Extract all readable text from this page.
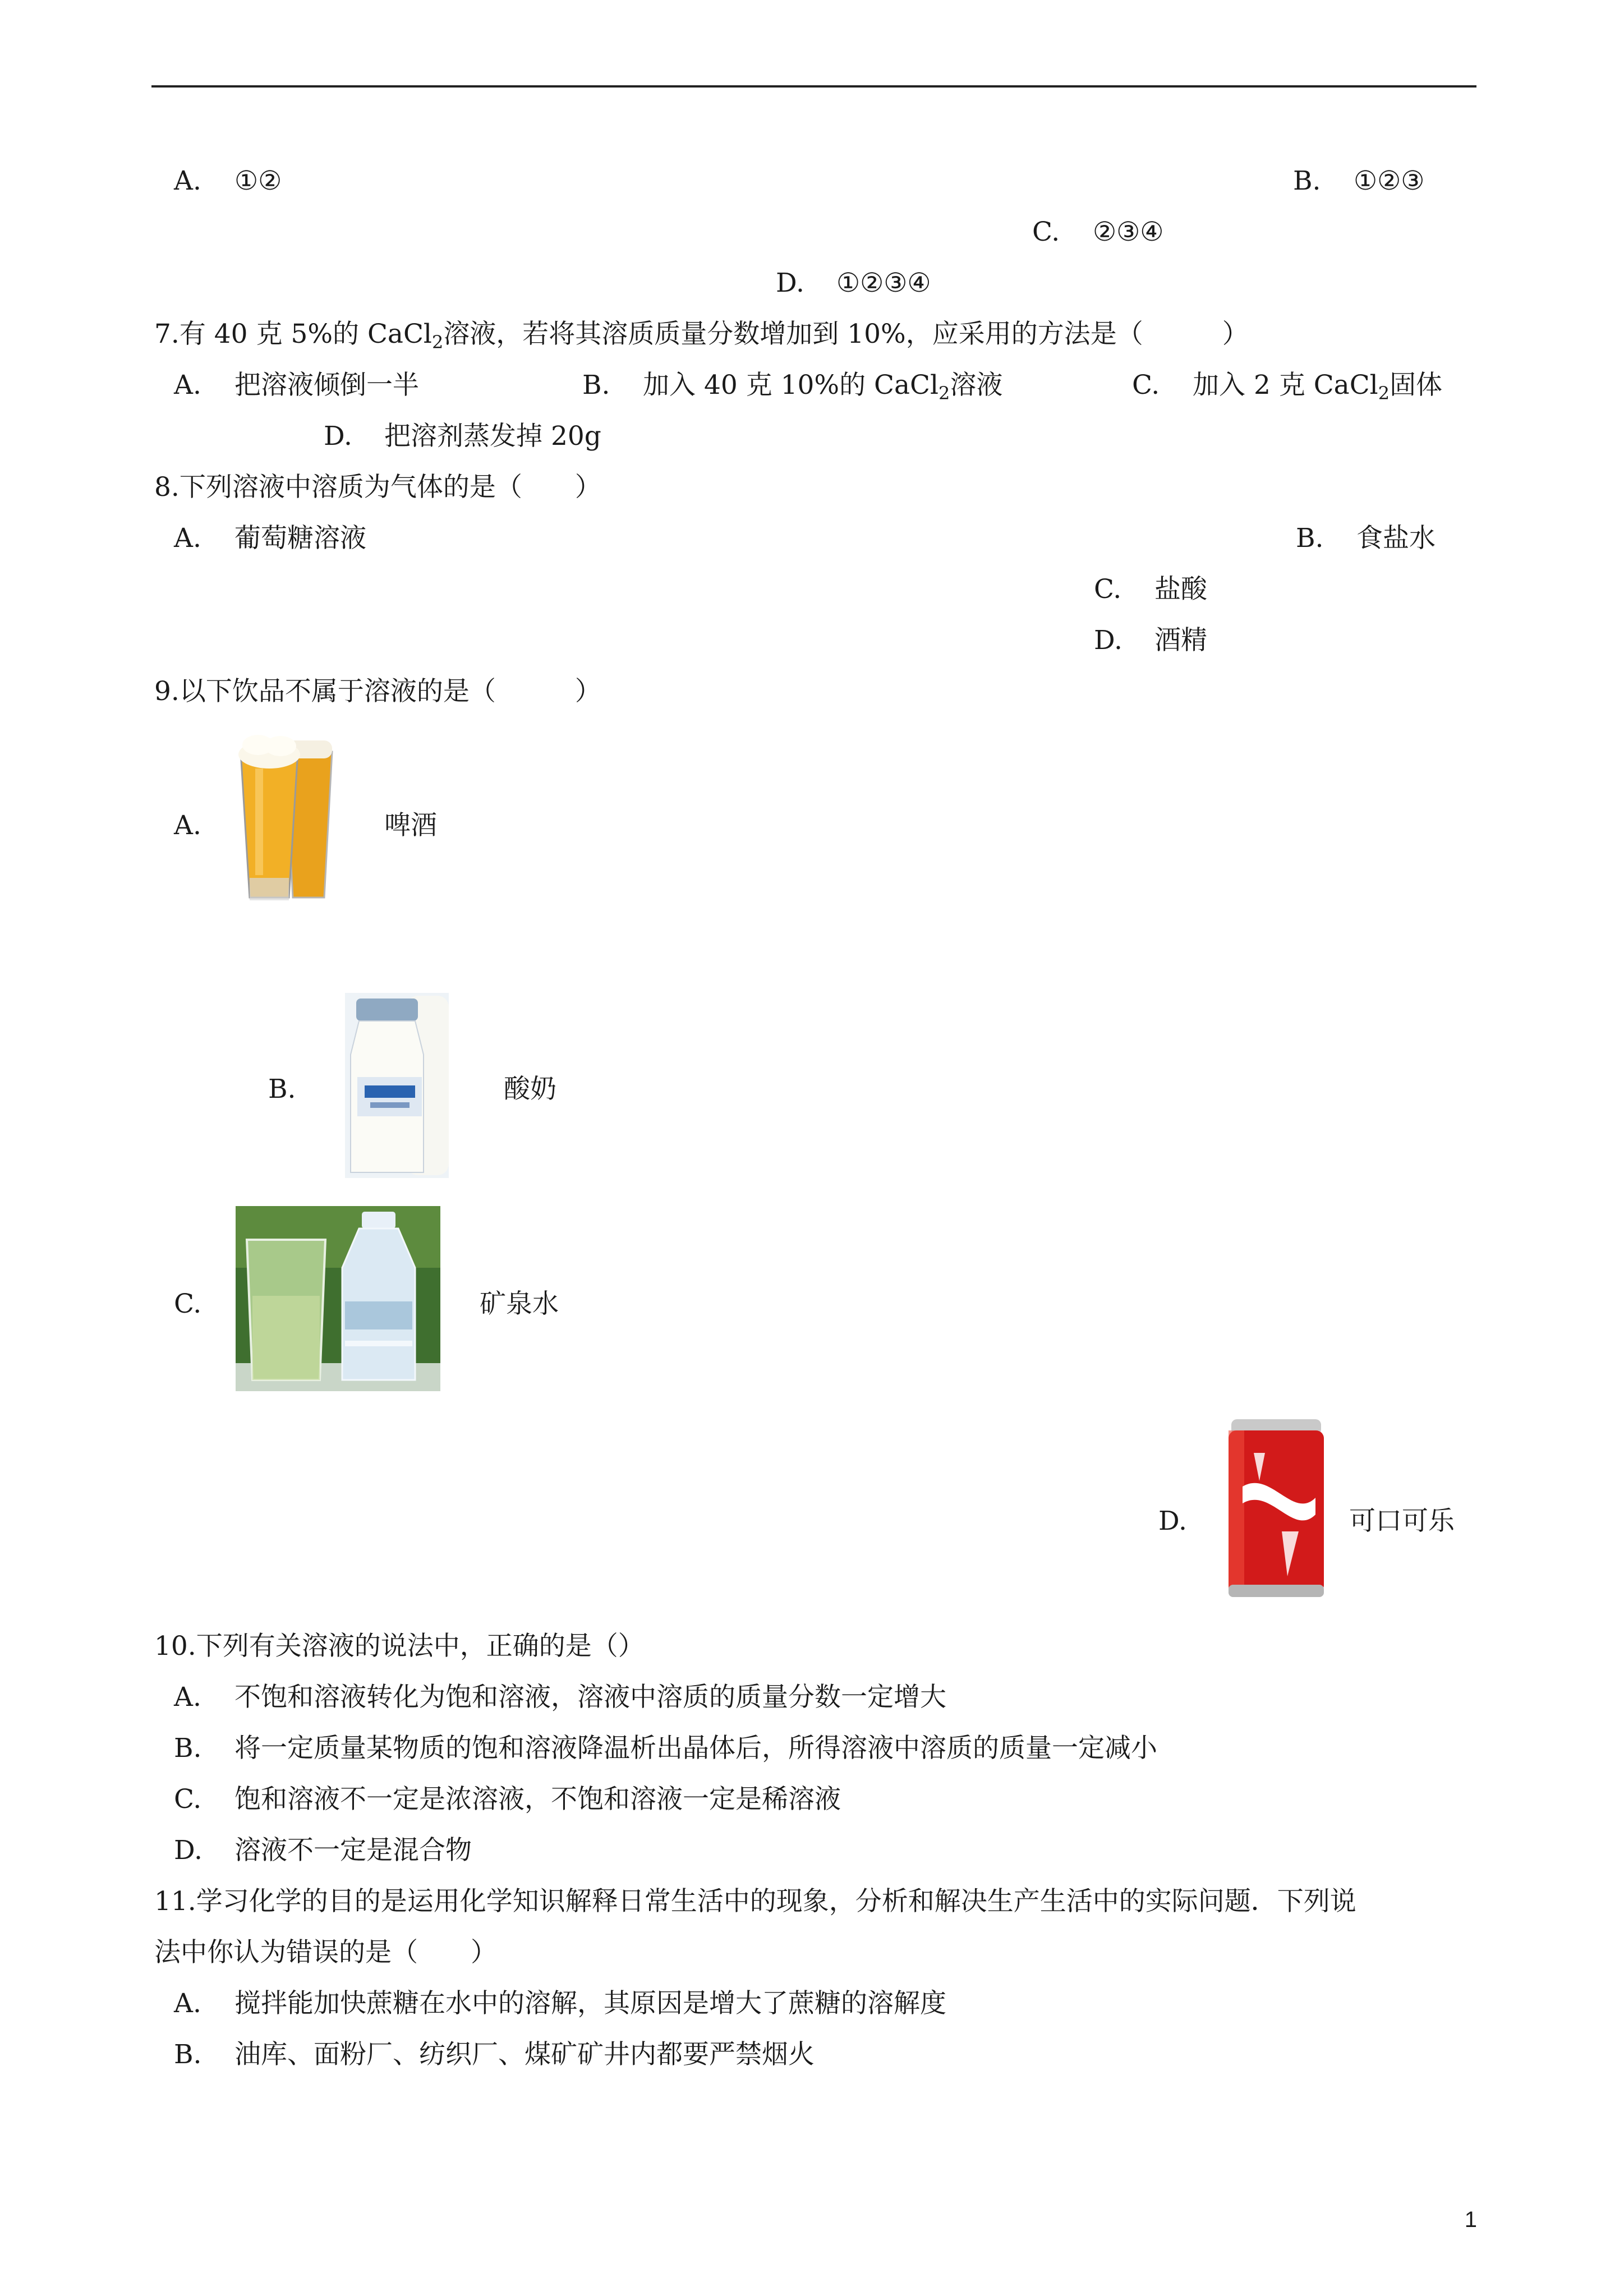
A. ①②	B. ①②③
C. ②③④
D. ①②③④
7.有 40 克 5%的 CaCl$_2$溶液，若将其溶质质量分数增加到 10%，应采用的方法是（　　　）
A. 把溶液倾倒一半	B. 加入 40 克 10%的 CaCl$_2$溶液	C. 加入 2 克 CaCl$_2$固体
D. 把溶剂蒸发掉 20g
8.下列溶液中溶质为气体的是（　　）
A. 葡萄糖溶液	B. 食盐水
C. 盐酸
D. 酒精
9.以下饮品不属于溶液的是（　　　）
A.	啤酒
B.	酸奶
C.	矿泉水
D.	可口可乐
10.下列有关溶液的说法中，正确的是（）
A. 不饱和溶液转化为饱和溶液，溶液中溶质的质量分数一定增大
B. 将一定质量某物质的饱和溶液降温析出晶体后，所得溶液中溶质的质量一定减小
C. 饱和溶液不一定是浓溶液，不饱和溶液一定是稀溶液
D. 溶液不一定是混合物
11.学习化学的目的是运用化学知识解释日常生活中的现象，分析和解决生产生活中的实际问题．下列说
法中你认为错误的是（　　）
A. 搅拌能加快蔗糖在水中的溶解，其原因是增大了蔗糖的溶解度
B. 油库、面粉厂、纺织厂、煤矿矿井内都要严禁烟火
1
